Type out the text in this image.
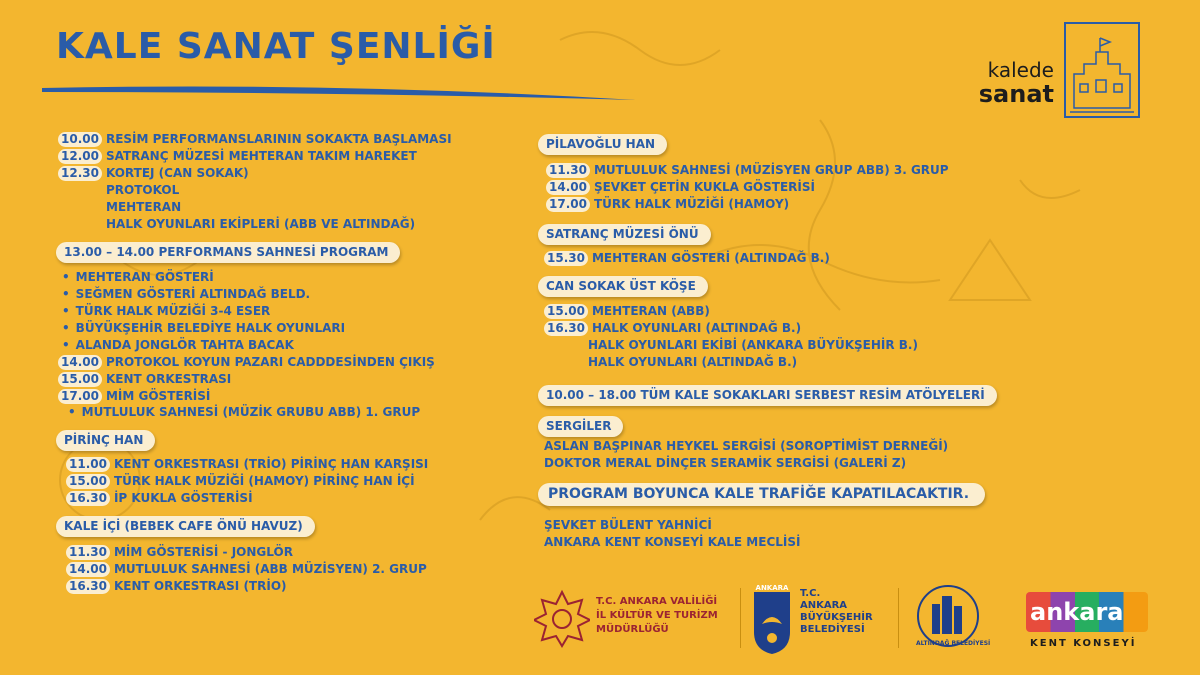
KALE SANAT ŞENLİĞİ
kalede
sanat
10.00 RESİM PERFORMANSLARININ SOKAKTA BAŞLAMASI
12.00 SATRANÇ MÜZESİ MEHTERAN TAKIM HAREKET
12.30 KORTEJ (CAN SOKAK)
PROTOKOL
MEHTERAN
HALK OYUNLARI EKİPLERİ (ABB VE ALTINDAĞ)
13.00 – 14.00 PERFORMANS SAHNESİ PROGRAM
• MEHTERAN GÖSTERİ
• SEĞMEN GÖSTERİ ALTINDAĞ BELD.
• TÜRK HALK MÜZİĞİ 3-4 ESER
• BÜYÜKŞEHİR BELEDİYE HALK OYUNLARI
• ALANDA JONGLÖR TAHTA BACAK
14.00 PROTOKOL KOYUN PAZARI CADDDESİNDEN ÇIKIŞ
15.00 KENT ORKESTRASI
17.00 MİM GÖSTERİSİ
• MUTLULUK SAHNESİ (MÜZİK GRUBU ABB) 1. GRUP
PİRİNÇ HAN
11.00 KENT ORKESTRASI (TRİO) PİRİNÇ HAN KARŞISI
15.00 TÜRK HALK MÜZİĞİ (HAMOY) PİRİNÇ HAN İÇİ
16.30 İP KUKLA GÖSTERİSİ
KALE İÇİ (BEBEK CAFE ÖNÜ HAVUZ)
11.30 MİM GÖSTERİSİ - JONGLÖR
14.00 MUTLULUK SAHNESİ (ABB MÜZİSYEN) 2. GRUP
16.30 KENT ORKESTRASI (TRİO)
PİLAVOĞLU HAN
11.30 MUTLULUK SAHNESİ (MÜZİSYEN GRUP ABB) 3. GRUP
14.00 ŞEVKET ÇETİN KUKLA GÖSTERİSİ
17.00 TÜRK HALK MÜZİĞİ (HAMOY)
SATRANÇ MÜZESİ ÖNÜ
15.30 MEHTERAN GÖSTERİ (ALTINDAĞ B.)
CAN SOKAK ÜST KÖŞE
15.00 MEHTERAN (ABB)
16.30 HALK OYUNLARI (ALTINDAĞ B.)
HALK OYUNLARI EKİBİ (ANKARA BÜYÜKŞEHİR B.)
HALK OYUNLARI (ALTINDAĞ B.)
10.00 – 18.00 TÜM KALE SOKAKLARI SERBEST RESİM ATÖLYELERİ
SERGİLER
ASLAN BAŞPINAR HEYKEL SERGİSİ (SOROPTİMİST DERNEĞİ)
DOKTOR MERAL DİNÇER SERAMİK SERGİSİ (GALERİ Z)
PROGRAM BOYUNCA KALE TRAFİĞE KAPATILACAKTIR.
ŞEVKET BÜLENT YAHNİCİ
ANKARA KENT KONSEYİ KALE MECLİSİ
T.C. ANKARA VALİLİĞİ
İL KÜLTÜR VE TURİZM
MÜDÜRLÜĞÜ
ANKARA T.C.
ANKARA
BÜYÜKŞEHİR
BELEDİYESİ
ALTINDAĞ BELEDİYESİ
ankara
KENT KONSEYİ
